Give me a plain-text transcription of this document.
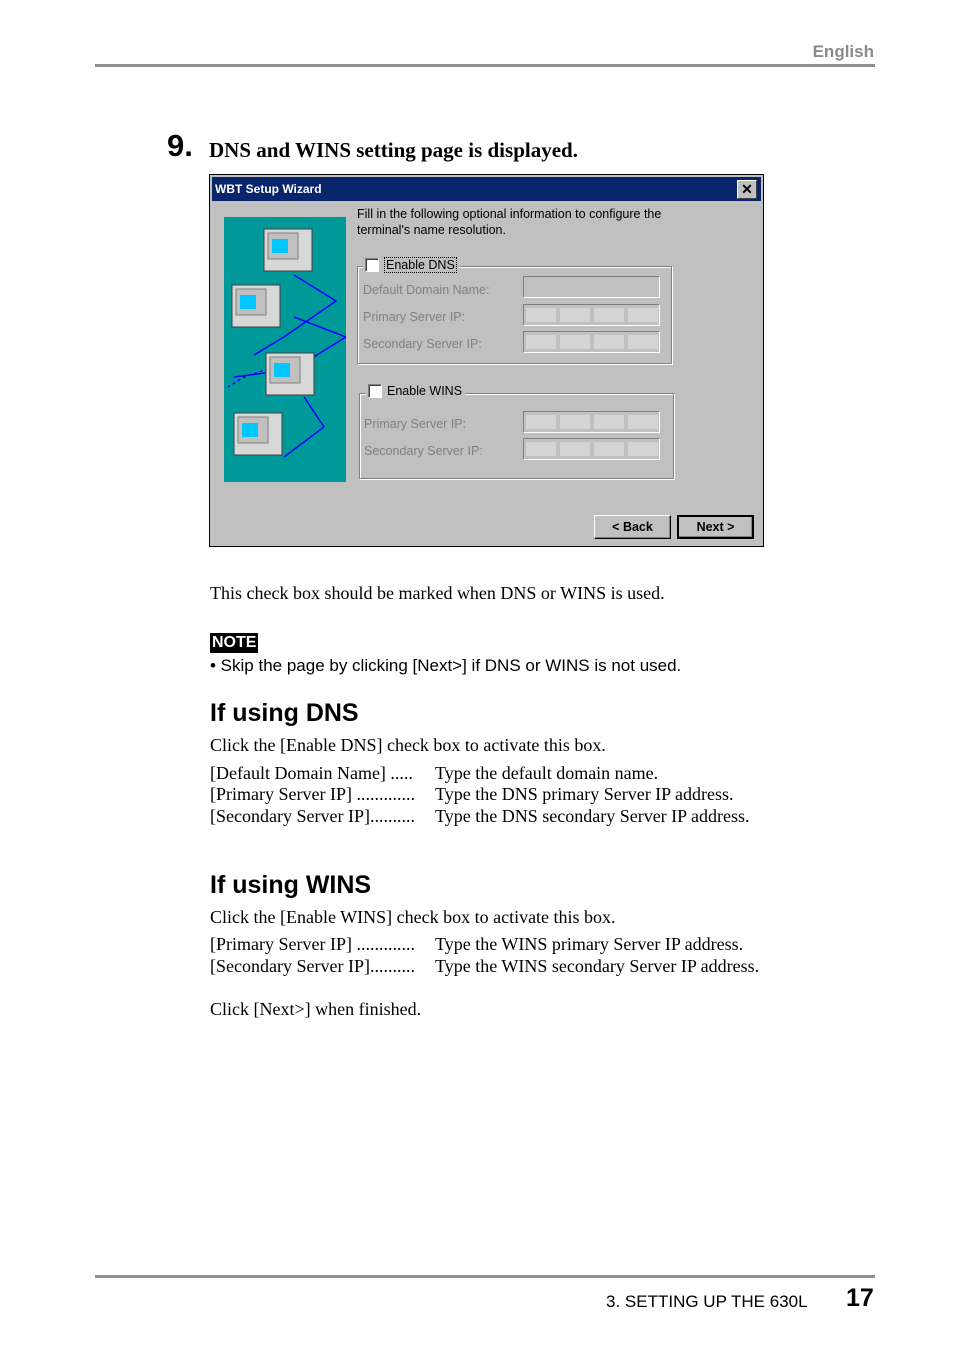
English
9. DNS and WINS setting page is displayed.
WBT Setup Wizard	✕
Fill in the following optional information to configure the terminal's name resolution.
Enable DNS
Default Domain Name:
Primary Server IP:
Secondary Server IP:
Enable WINS
Primary Server IP:
Secondary Server IP:
< Back	Next >
This check box should be marked when DNS or WINS is used.
NOTE
• Skip the page by clicking [Next>] if DNS or WINS is not used.
If using DNS
Click the [Enable DNS] check box to activate this box.
[Default Domain Name] ..... Type the default domain name.
[Primary Server IP] ............. Type the DNS primary Server IP address.
[Secondary Server IP].......... Type the DNS secondary Server IP address.
If using WINS
Click the [Enable WINS] check box to activate this box.
[Primary Server IP] ............. Type the WINS primary Server IP address.
[Secondary Server IP].......... Type the WINS secondary Server IP address.
Click [Next>] when finished.
3. SETTING UP THE 630L 17
